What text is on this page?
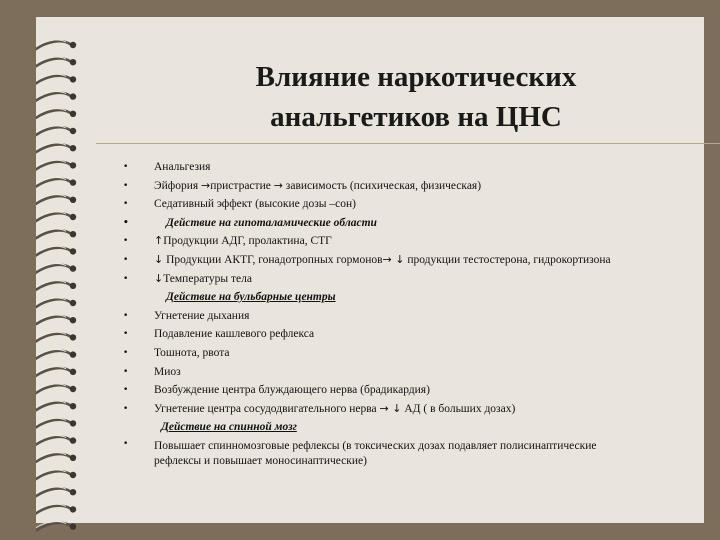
Влияние наркотических
анальгетиков на ЦНС
•	Анальгезия
•	Эйфория →пристрастие → зависимость (психическая, физическая)
•	Седативный эффект (высокие дозы –сон)
•	Действие на гипоталамические области
•	↑Продукции АДГ, пролактина, СТГ
•	↓ Продукции АКТГ, гонадотропных гормонов→ ↓ продукции тестостерона, гидрокортизона
•	↓Температуры тела
Действие на бульбарные центры
•	Угнетение дыхания
•	Подавление кашлевого рефлекса
•	Тошнота, рвота
•	Миоз
•	Возбуждение центра блуждающего нерва (брадикардия)
•	Угнетение центра сосудодвигательного нерва → ↓ АД ( в больших дозах)
Действие на спинной мозг
•	Повышает спинномозговые рефлексы (в токсических дозах подавляет полисинаптические
рефлексы и повышает моносинаптические)
